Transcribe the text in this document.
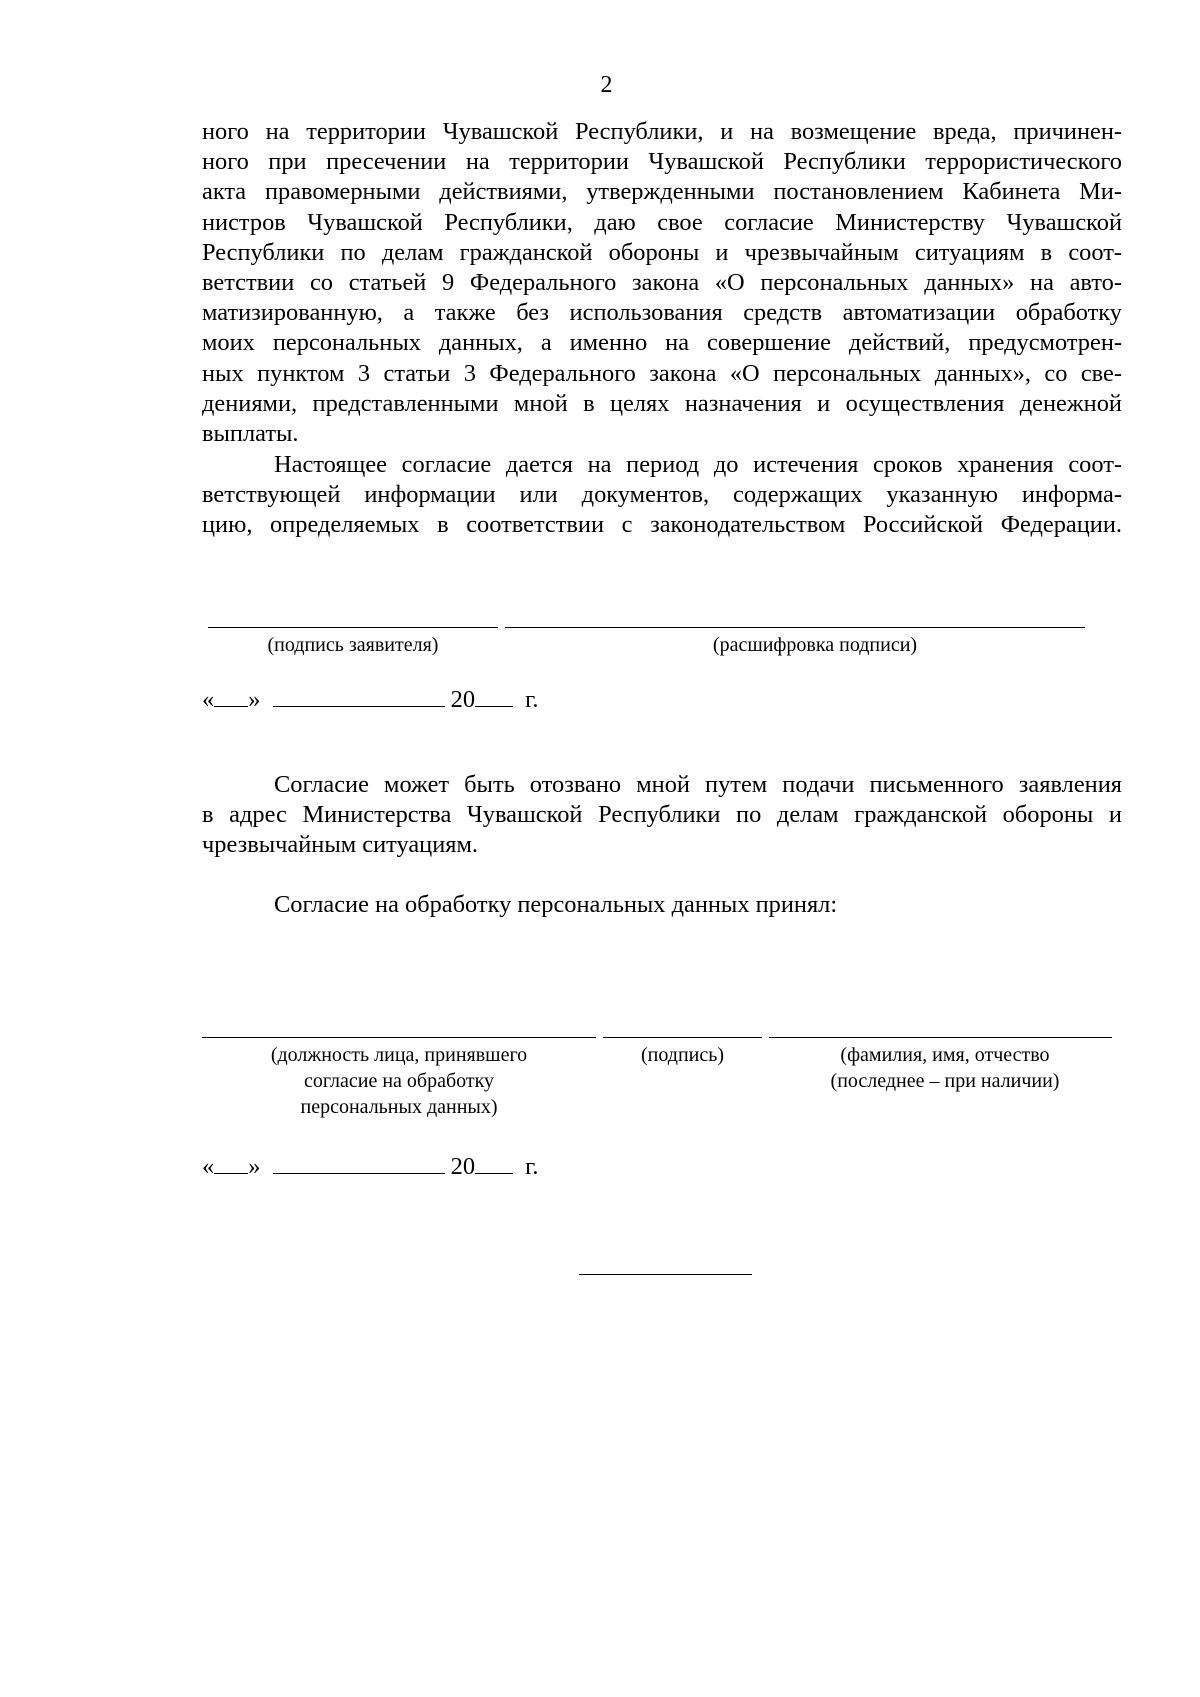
2
ного на территории Чувашской Республики, и на возмещение вреда, причинен-
ного при пресечении на территории Чувашской Республики террористического
акта правомерными действиями, утвержденными постановлением Кабинета Ми-
нистров Чувашской Республики, даю свое согласие Министерству Чувашской
Республики по делам гражданской обороны и чрезвычайным ситуациям в соот-
ветствии со статьей 9 Федерального закона «О персональных данных» на авто-
матизированную, а также без использования средств автоматизации обработку
моих персональных данных, а именно на совершение действий, предусмотрен-
ных пунктом 3 статьи 3 Федерального закона «О персональных данных», со све-
дениями, представленными мной в целях назначения и осуществления денежной
выплаты.
Настоящее согласие дается на период до истечения сроков хранения соот-
ветствующей информации или документов, содержащих указанную информа-
цию, определяемых в соответствии с законодательством Российской Федерации.
(подпись заявителя)	(расшифровка подписи)
« »	20 г.
Согласие может быть отозвано мной путем подачи письменного заявления
в адрес Министерства Чувашской Республики по делам гражданской обороны и
чрезвычайным ситуациям.
Согласие на обработку персональных данных принял:
(должность лица, принявшего
согласие на обработку
персональных данных)
(подпись)	(фамилия, имя, отчество
(последнее – при наличии)
« »	20 г.
